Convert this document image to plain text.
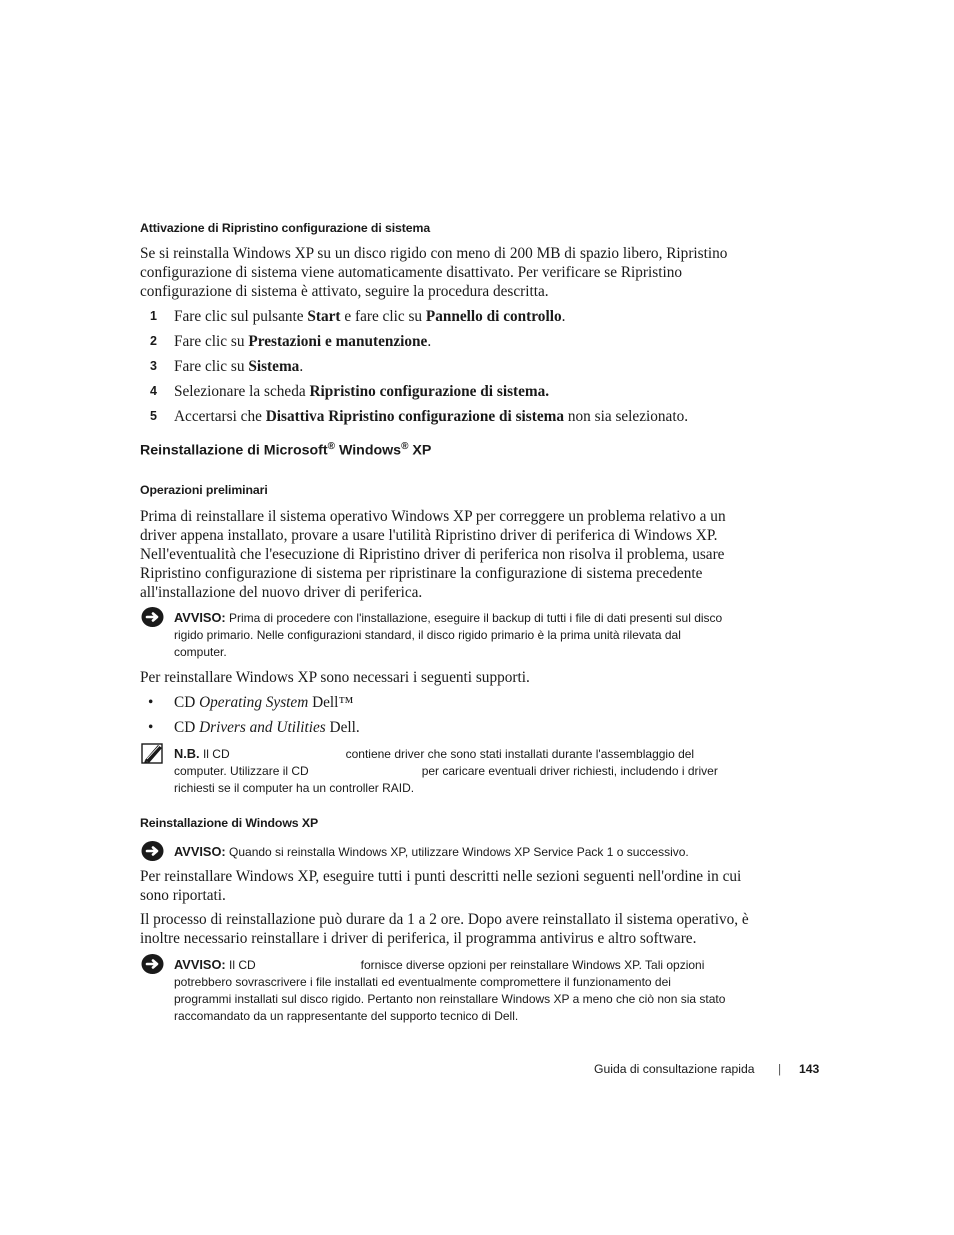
Attivazione di Ripristino configurazione di sistema
Se si reinstalla Windows XP su un disco rigido con meno di 200 MB di spazio libero, Ripristino
configurazione di sistema viene automaticamente disattivato. Per verificare se Ripristino
configurazione di sistema è attivato, seguire la procedura descritta.
1 Fare clic sul pulsante Start e fare clic su Pannello di controllo.
2 Fare clic su Prestazioni e manutenzione.
3 Fare clic su Sistema.
4 Selezionare la scheda Ripristino configurazione di sistema.
5 Accertarsi che Disattiva Ripristino configurazione di sistema non sia selezionato.
Reinstallazione di Microsoft® Windows® XP
Operazioni preliminari
Prima di reinstallare il sistema operativo Windows XP per correggere un problema relativo a un
driver appena installato, provare a usare l'utilità Ripristino driver di periferica di Windows XP.
Nell'eventualità che l'esecuzione di Ripristino driver di periferica non risolva il problema, usare
Ripristino configurazione di sistema per ripristinare la configurazione di sistema precedente
all'installazione del nuovo driver di periferica.
AVVISO: Prima di procedere con l'installazione, eseguire il backup di tutti i file di dati presenti sul disco
rigido primario. Nelle configurazioni standard, il disco rigido primario è la prima unità rilevata dal
computer.
Per reinstallare Windows XP sono necessari i seguenti supporti.
• CD Operating System Dell™
• CD Drivers and Utilities Dell.
N.B. Il CD	contiene driver che sono stati installati durante l'assemblaggio del
computer. Utilizzare il CD	per caricare eventuali driver richiesti, includendo i driver
richiesti se il computer ha un controller RAID.
Reinstallazione di Windows XP
AVVISO: Quando si reinstalla Windows XP, utilizzare Windows XP Service Pack 1 o successivo.
Per reinstallare Windows XP, eseguire tutti i punti descritti nelle sezioni seguenti nell'ordine in cui
sono riportati.
Il processo di reinstallazione può durare da 1 a 2 ore. Dopo avere reinstallato il sistema operativo, è
inoltre necessario reinstallare i driver di periferica, il programma antivirus e altro software.
AVVISO: Il CD	fornisce diverse opzioni per reinstallare Windows XP. Tali opzioni
potrebbero sovrascrivere i file installati ed eventualmente compromettere il funzionamento dei
programmi installati sul disco rigido. Pertanto non reinstallare Windows XP a meno che ciò non sia stato
raccomandato da un rappresentante del supporto tecnico di Dell.
Guida di consultazione rapida | 143
